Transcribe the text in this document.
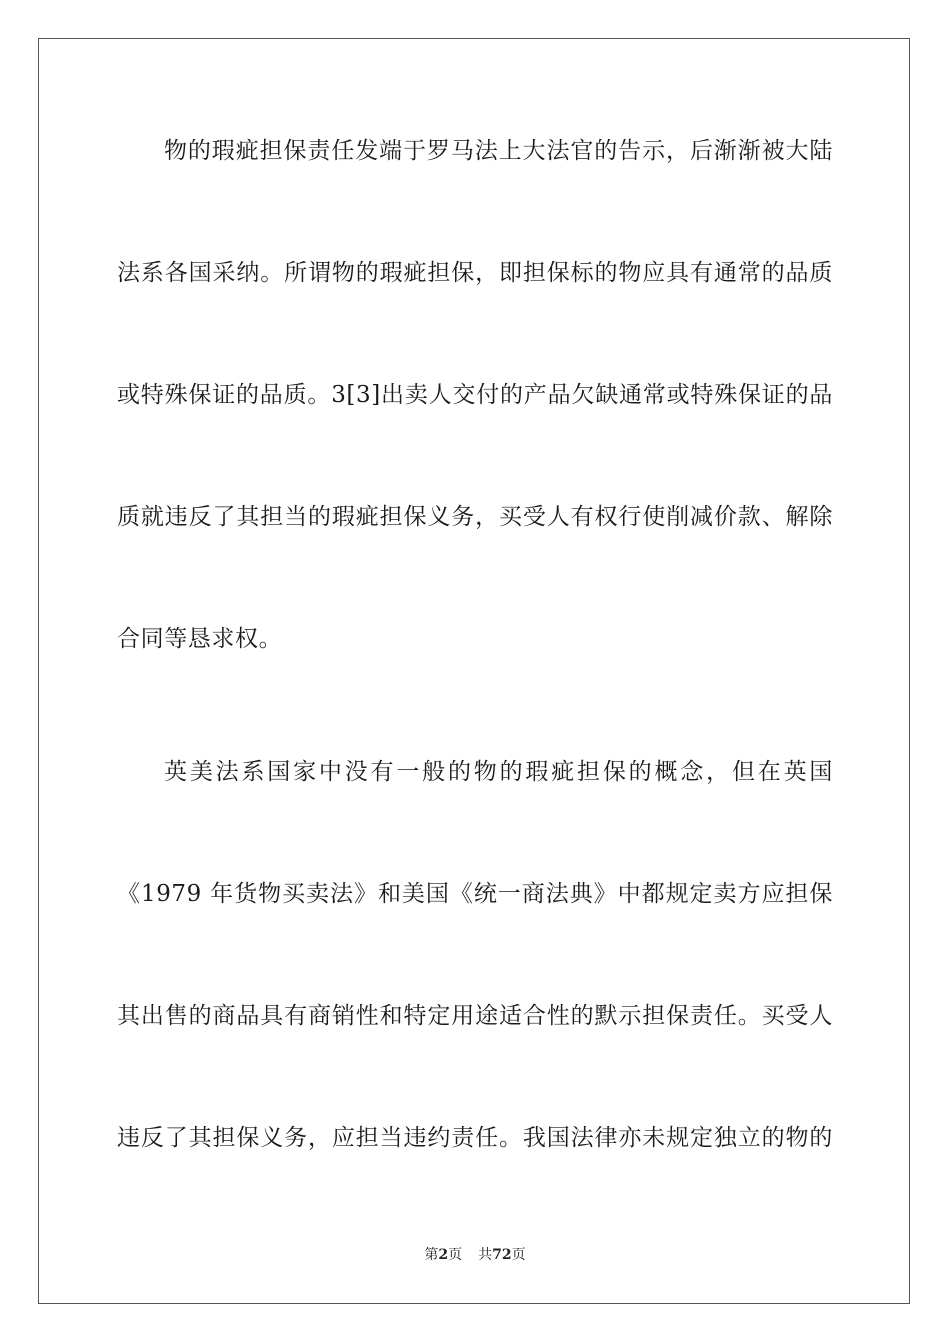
物的瑕疵担保责任发端于罗马法上大法官的告示，后渐渐被大陆
法系各国采纳。所谓物的瑕疵担保，即担保标的物应具有通常的品质
或特殊保证的品质。3[3]出卖人交付的产品欠缺通常或特殊保证的品
质就违反了其担当的瑕疵担保义务，买受人有权行使削减价款、解除
合同等恳求权。
英美法系国家中没有一般的物的瑕疵担保的概念，但在英国
《1979 年货物买卖法》和美国《统一商法典》中都规定卖方应担保
其出售的商品具有商销性和特定用途适合性的默示担保责任。买受人
违反了其担保义务，应担当违约责任。我国法律亦未规定独立的物的
第2页 共72页
